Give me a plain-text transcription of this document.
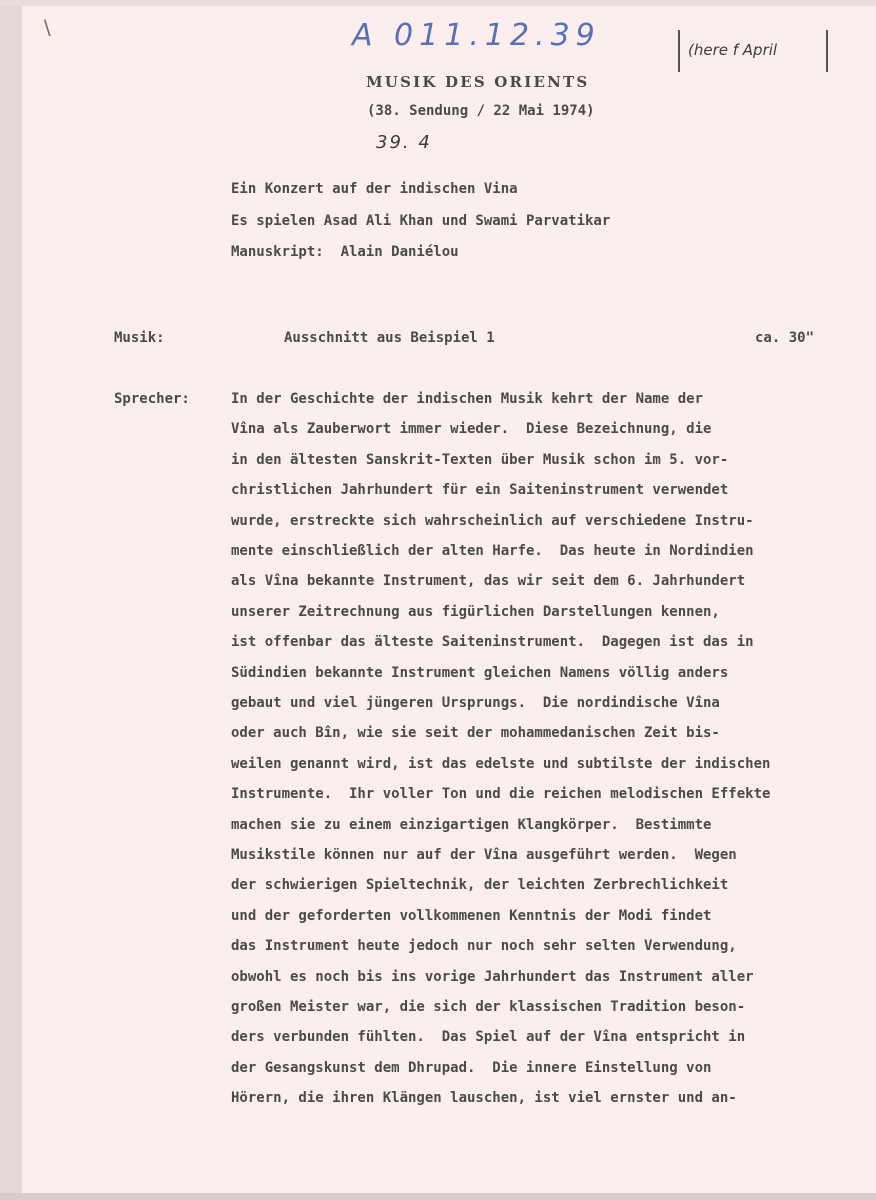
∖	A 011.12.39	(here f April
MUSIK DES ORIENTS
(38. Sendung / 22 Mai 1974)
39. 4
Ein Konzert auf der indischen Vina
Es spielen Asad Ali Khan und Swami Parvatikar
Manuskript:  Alain Daniélou
Musik:	Ausschnitt aus Beispiel 1	ca. 30"
Sprecher:	In der Geschichte der indischen Musik kehrt der Name der
Vîna als Zauberwort immer wieder.  Diese Bezeichnung, die
in den ältesten Sanskrit-Texten über Musik schon im 5. vor-
christlichen Jahrhundert für ein Saiteninstrument verwendet
wurde, erstreckte sich wahrscheinlich auf verschiedene Instru-
mente einschließlich der alten Harfe.  Das heute in Nordindien
als Vîna bekannte Instrument, das wir seit dem 6. Jahrhundert
unserer Zeitrechnung aus figürlichen Darstellungen kennen,
ist offenbar das älteste Saiteninstrument.  Dagegen ist das in
Südindien bekannte Instrument gleichen Namens völlig anders
gebaut und viel jüngeren Ursprungs.  Die nordindische Vîna
oder auch Bîn, wie sie seit der mohammedanischen Zeit bis-
weilen genannt wird, ist das edelste und subtilste der indischen
Instrumente.  Ihr voller Ton und die reichen melodischen Effekte
machen sie zu einem einzigartigen Klangkörper.  Bestimmte
Musikstile können nur auf der Vîna ausgeführt werden.  Wegen
der schwierigen Spieltechnik, der leichten Zerbrechlichkeit
und der geforderten vollkommenen Kenntnis der Modi findet
das Instrument heute jedoch nur noch sehr selten Verwendung,
obwohl es noch bis ins vorige Jahrhundert das Instrument aller
großen Meister war, die sich der klassischen Tradition beson-
ders verbunden fühlten.  Das Spiel auf der Vîna entspricht in
der Gesangskunst dem Dhrupad.  Die innere Einstellung von
Hörern, die ihren Klängen lauschen, ist viel ernster und an-
